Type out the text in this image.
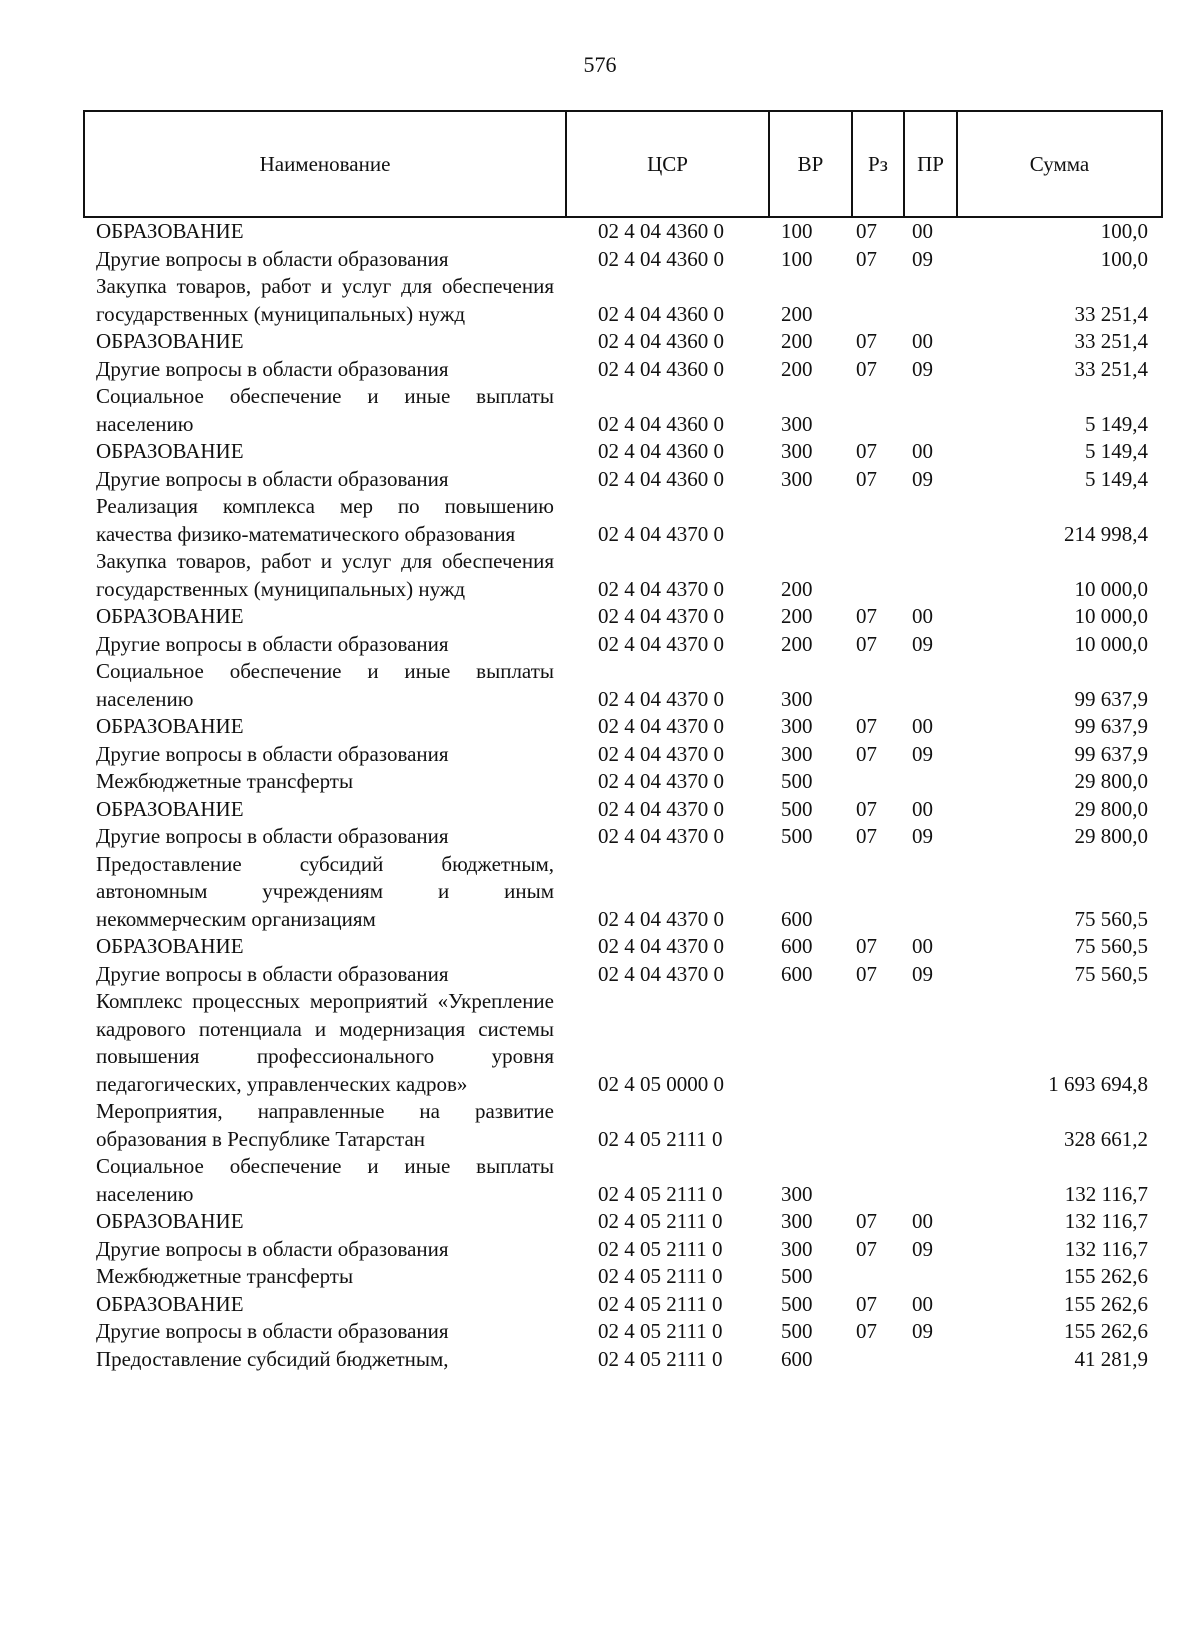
576
Наименование	ЦСР	ВР	Рз	ПР	Сумма
ОБРАЗОВАНИЕ	02 4 04 4360 0	100	07	00	100,0
Другие вопросы в области образования	02 4 04 4360 0	100	07	09	100,0
Закупка товаров, работ и услуг для обеспечения государственных (муниципальных) нужд	02 4 04 4360 0	200			33 251,4
ОБРАЗОВАНИЕ	02 4 04 4360 0	200	07	00	33 251,4
Другие вопросы в области образования	02 4 04 4360 0	200	07	09	33 251,4
Социальное обеспечение и иные выплаты населению	02 4 04 4360 0	300			5 149,4
ОБРАЗОВАНИЕ	02 4 04 4360 0	300	07	00	5 149,4
Другие вопросы в области образования	02 4 04 4360 0	300	07	09	5 149,4
Реализация комплекса мер по повышению качества физико-математического образования	02 4 04 4370 0				214 998,4
Закупка товаров, работ и услуг для обеспечения государственных (муниципальных) нужд	02 4 04 4370 0	200			10 000,0
ОБРАЗОВАНИЕ	02 4 04 4370 0	200	07	00	10 000,0
Другие вопросы в области образования	02 4 04 4370 0	200	07	09	10 000,0
Социальное обеспечение и иные выплаты населению	02 4 04 4370 0	300			99 637,9
ОБРАЗОВАНИЕ	02 4 04 4370 0	300	07	00	99 637,9
Другие вопросы в области образования	02 4 04 4370 0	300	07	09	99 637,9
Межбюджетные трансферты	02 4 04 4370 0	500			29 800,0
ОБРАЗОВАНИЕ	02 4 04 4370 0	500	07	00	29 800,0
Другие вопросы в области образования	02 4 04 4370 0	500	07	09	29 800,0
Предоставление субсидий бюджетным, автономным учреждениям и иным некоммерческим организациям	02 4 04 4370 0	600			75 560,5
ОБРАЗОВАНИЕ	02 4 04 4370 0	600	07	00	75 560,5
Другие вопросы в области образования	02 4 04 4370 0	600	07	09	75 560,5
Комплекс процессных мероприятий «Укрепление кадрового потенциала и модернизация системы повышения профессионального уровня педагогических, управленческих кадров»	02 4 05 0000 0				1 693 694,8
Мероприятия, направленные на развитие образования в Республике Татарстан	02 4 05 2111 0				328 661,2
Социальное обеспечение и иные выплаты населению	02 4 05 2111 0	300			132 116,7
ОБРАЗОВАНИЕ	02 4 05 2111 0	300	07	00	132 116,7
Другие вопросы в области образования	02 4 05 2111 0	300	07	09	132 116,7
Межбюджетные трансферты	02 4 05 2111 0	500			155 262,6
ОБРАЗОВАНИЕ	02 4 05 2111 0	500	07	00	155 262,6
Другие вопросы в области образования	02 4 05 2111 0	500	07	09	155 262,6
Предоставление субсидий бюджетным,	02 4 05 2111 0	600			41 281,9
